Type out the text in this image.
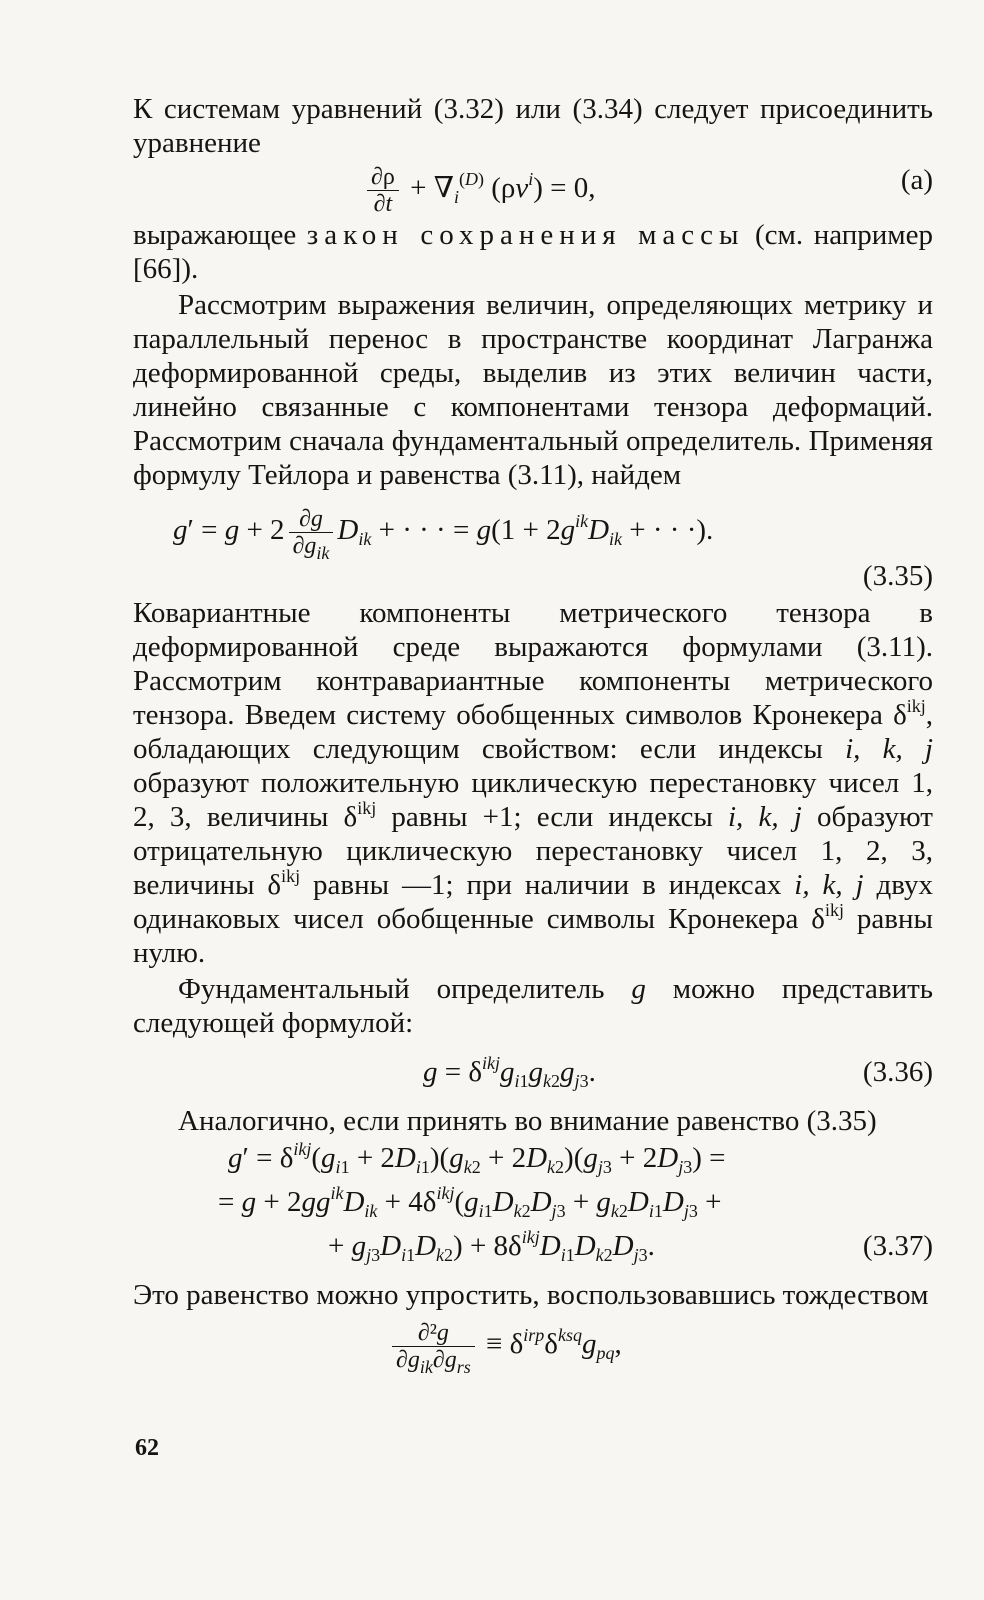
К системам уравнений (3.32) или (3.34) следует присоединить уравнение

$\frac{\partial\rho}{\partial t} + \nabla_i^{(D)}$ $(\rho v^i) = 0$,	(a)

выражающее закон сохранения массы (см. например [66]).

Рассмотрим выражения величин, определяющих метрику и параллельный перенос в пространстве координат Лагранжа деформированной среды, выделив из этих величин части, линейно связанные с компонентами тензора деформаций. Рассмотрим сначала фундаментальный определитель. Применяя формулу Тейлора и равенства (3.11), найдем

$g' = g + 2 \frac{\partial g}{\partial g_{ik}} D_{ik}$ + · · · = $g(1 + 2g^{ik}D_{ik}$ + · · ·).
(3.35)

Ковариантные компоненты метрического тензора в деформированной среде выражаются формулами (3.11). Рассмотрим контравариантные компоненты метрического тензора. Введем систему обобщенных символов Кронекера $\delta^{ikj}$, обладающих следующим свойством: если индексы i, k, j образуют положительную циклическую перестановку чисел 1, 2, 3, величины $\delta^{ikj}$ равны +1; если индексы i, k, j образуют отрицательную циклическую перестановку чисел 1, 2, 3, величины $\delta^{ikj}$ равны —1; при наличии в индексах i, k, j двух одинаковых чисел обобщенные символы Кронекера $\delta^{ikj}$ равны нулю.

Фундаментальный определитель g можно представить следующей формулой:

$g = \delta^{ikj}g_{i1}g_{k2}g_{j3}$.	(3.36)

Аналогично, если принять во внимание равенство (3.35)

$g' = \delta^{ikj}(g_{i1} + 2D_{i1})(g_{k2} + 2D_{k2})(g_{j3} + 2D_{j3})$ =
= $g + 2gg^{ik}D_{ik} + 4\delta^{ikj}(g_{i1}D_{k2}D_{j3} + g_{k2}D_{i1}D_{j3}$ +
+ $g_{j3}D_{i1}D_{k2}) + 8\delta^{ikj}D_{i1}D_{k2}D_{j3}$.	(3.37)

Это равенство можно упростить, воспользовавшись тождеством

$\frac{\text{∂²g}}{\partial g_{ik}\partial g_{rs}} \equiv \delta^{irp}\delta^{ksq}g_{pq}$,
62
